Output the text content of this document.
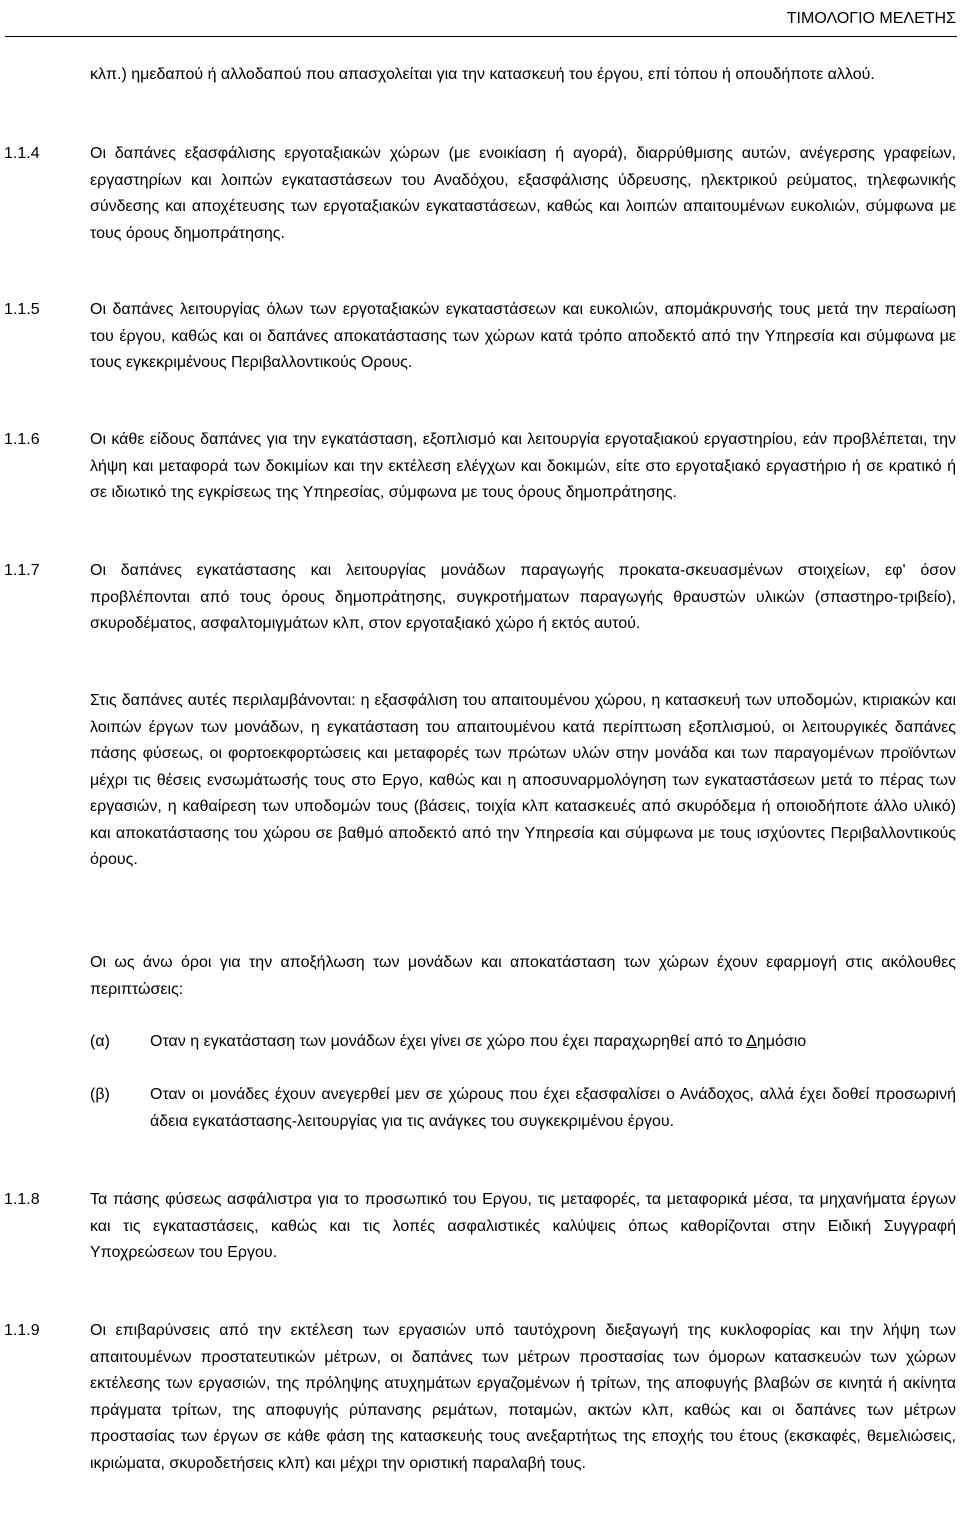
ΤΙΜΟΛΟΓΙΟ ΜΕΛΕΤΗΣ
κλπ.) ημεδαπού ή αλλοδαπού που απασχολείται για την κατασκευή του έργου, επί τόπου ή οπουδήποτε αλλού.
1.1.4	Οι δαπάνες εξασφάλισης εργοταξιακών χώρων (με ενοικίαση ή αγορά), διαρρύθμισης αυτών, ανέγερσης γραφείων, εργαστηρίων και λοιπών εγκαταστάσεων του Αναδόχου, εξασφάλισης ύδρευσης, ηλεκτρικού ρεύματος, τηλεφωνικής σύνδεσης και αποχέτευσης των εργοταξιακών εγκαταστάσεων, καθώς και λοιπών απαιτουμένων ευκολιών, σύμφωνα με τους όρους δημοπράτησης.
1.1.5	Οι δαπάνες λειτουργίας όλων των εργοταξιακών εγκαταστάσεων και ευκολιών, απομάκρυνσής τους μετά την περαίωση του έργου, καθώς και οι δαπάνες αποκατάστασης των χώρων κατά τρόπο αποδεκτό από την Υπηρεσία και σύμφωνα με τους εγκεκριμένους Περιβαλλοντικούς Ορους.
1.1.6	Οι κάθε είδους δαπάνες για την εγκατάσταση, εξοπλισμό και λειτουργία εργοταξιακού εργαστηρίου, εάν προβλέπεται, την λήψη και μεταφορά των δοκιμίων και την εκτέλεση ελέγχων και δοκιμών, είτε στο εργοταξιακό εργαστήριο ή σε κρατικό ή σε ιδιωτικό της εγκρίσεως της Υπηρεσίας, σύμφωνα με τους όρους δημοπράτησης.
1.1.7	Οι δαπάνες εγκατάστασης και λειτουργίας μονάδων παραγωγής προκατα-σκευασμένων στοιχείων, εφ' όσον προβλέπονται από τους όρους δημοπράτησης, συγκροτήματων παραγωγής θραυστών υλικών (σπαστηρο-τριβείο), σκυροδέματος, ασφαλτομιγμάτων κλπ, στον εργοταξιακό χώρο ή εκτός αυτού.
Στις δαπάνες αυτές περιλαμβάνονται: η εξασφάλιση του απαιτουμένου χώρου, η κατασκευή των υποδομών, κτιριακών και λοιπών έργων των μονάδων, η εγκατάσταση του απαιτουμένου κατά περίπτωση εξοπλισμού, οι λειτουργικές δαπάνες πάσης φύσεως, οι φορτοεκφορτώσεις και μεταφορές των πρώτων υλών στην μονάδα και των παραγομένων προϊόντων μέχρι τις θέσεις ενσωμάτωσής τους στο Εργο, καθώς και η αποσυναρμολόγηση των εγκαταστάσεων μετά το πέρας των εργασιών, η καθαίρεση των υποδομών τους (βάσεις, τοιχία κλπ κατασκευές από σκυρόδεμα ή οποιοδήποτε άλλο υλικό) και αποκατάστασης του χώρου σε βαθμό αποδεκτό από την Υπηρεσία και σύμφωνα με τους ισχύοντες Περιβαλλοντικούς όρους.
Οι ως άνω όροι για την αποξήλωση των μονάδων και αποκατάσταση των χώρων έχουν εφαρμογή στις ακόλουθες περιπτώσεις:
(α)	Οταν η εγκατάσταση των μονάδων έχει γίνει σε χώρο που έχει παραχωρηθεί από το Δημόσιο
(β)	Οταν οι μονάδες έχουν ανεγερθεί μεν σε χώρους που έχει εξασφαλίσει ο Ανάδοχος, αλλά έχει δοθεί προσωρινή άδεια εγκατάστασης-λειτουργίας για τις ανάγκες του συγκεκριμένου έργου.
1.1.8	Τα πάσης φύσεως ασφάλιστρα για το προσωπικό του Εργου, τις μεταφορές, τα μεταφορικά μέσα, τα μηχανήματα έργων και τις εγκαταστάσεις, καθώς και τις λοπές ασφαλιστικές καλύψεις όπως καθορίζονται στην Ειδική Συγγραφή Υποχρεώσεων του Εργου.
1.1.9	Οι επιβαρύνσεις από την εκτέλεση των εργασιών υπό ταυτόχρονη διεξαγωγή της κυκλοφορίας και την λήψη των απαιτουμένων προστατευτικών μέτρων, οι δαπάνες των μέτρων προστασίας των όμορων κατασκευών των χώρων εκτέλεσης των εργασιών, της πρόληψης ατυχημάτων εργαζομένων ή τρίτων, της αποφυγής βλαβών σε κινητά ή ακίνητα πράγματα τρίτων, της αποφυγής ρύπανσης ρεμάτων, ποταμών, ακτών κλπ, καθώς και οι δαπάνες των μέτρων προστασίας των έργων σε κάθε φάση της κατασκευής τους ανεξαρτήτως της εποχής του έτους (εκσκαφές, θεμελιώσεις, ικριώματα, σκυροδετήσεις κλπ) και μέχρι την οριστική παραλαβή τους.
